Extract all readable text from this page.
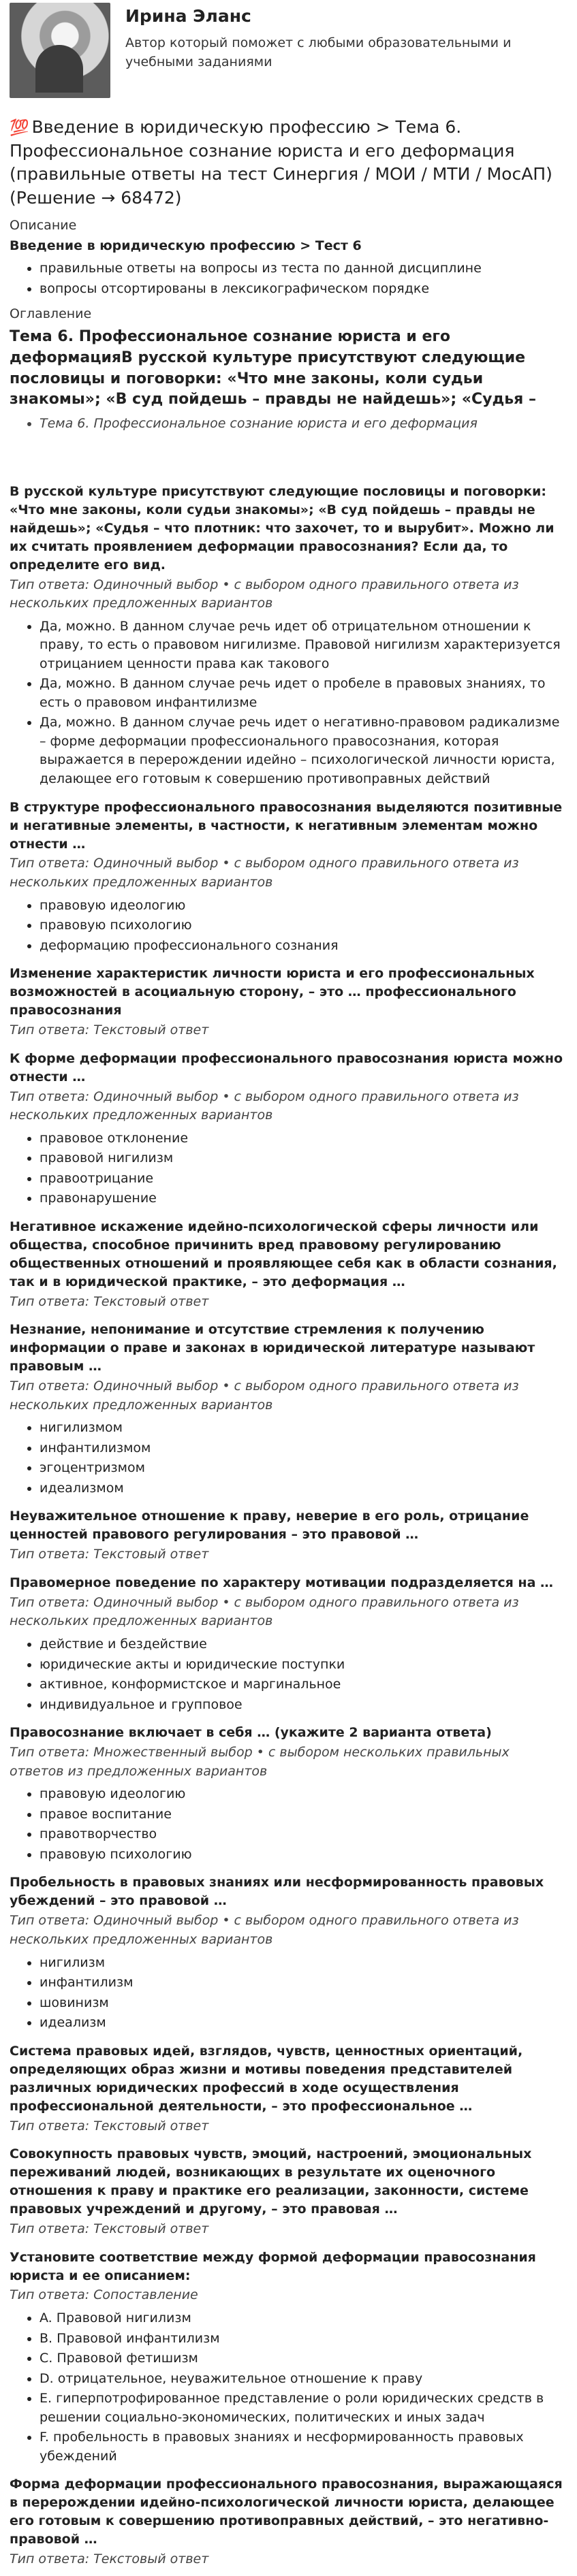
Ирина Эланс
Автор который поможет с любыми образовательными и учебными заданиями
💯 Введение в юридическую профессию > Тема 6. Профессиональное сознание юриста и его деформация (правильные ответы на тест Синергия / МОИ / МТИ / МосАП) (Решение → 68472)
Описание
Введение в юридическую профессию > Тест 6
• правильные ответы на вопросы из теста по данной дисциплине
• вопросы отсортированы в лексикографическом порядке
Оглавление
Тема 6. Профессиональное сознание юриста и его деформацияВ русской культуре присутствуют следующие пословицы и поговорки: «Что мне законы, коли судьи знакомы»; «В суд пойдешь – правды не найдешь»; «Судья –
• Тема 6. Профессиональное сознание юриста и его деформация
В русской культуре присутствуют следующие пословицы и поговорки: «Что мне законы, коли судьи знакомы»; «В суд пойдешь – правды не найдешь»; «Судья – что плотник: что захочет, то и вырубит». Можно ли их считать проявлением деформации правосознания? Если да, то определите его вид.
Тип ответа: Одиночный выбор • с выбором одного правильного ответа из нескольких предложенных вариантов
• Да, можно. В данном случае речь идет об отрицательном отношении к праву, то есть о правовом нигилизме. Правовой нигилизм характеризуется отрицанием ценности права как такового
• Да, можно. В данном случае речь идет о пробеле в правовых знаниях, то есть о правовом инфантилизме
• Да, можно. В данном случае речь идет о негативно-правовом радикализме – форме деформации профессионального правосознания, которая выражается в перерождении идейно – психологической личности юриста, делающее его готовым к совершению противоправных действий
В структуре профессионального правосознания выделяются позитивные и негативные элементы, в частности, к негативным элементам можно отнести …
Тип ответа: Одиночный выбор • с выбором одного правильного ответа из нескольких предложенных вариантов
• правовую идеологию
• правовую психологию
• деформацию профессионального сознания
Изменение характеристик личности юриста и его профессиональных возможностей в асоциальную сторону, – это … профессионального правосознания
Тип ответа: Текстовый ответ
К форме деформации профессионального правосознания юриста можно отнести …
Тип ответа: Одиночный выбор • с выбором одного правильного ответа из нескольких предложенных вариантов
• правовое отклонение
• правовой нигилизм
• правоотрицание
• правонарушение
Негативное искажение идейно-психологической сферы личности или общества, способное причинить вред правовому регулированию общественных отношений и проявляющее себя как в области сознания, так и в юридической практике, – это деформация …
Тип ответа: Текстовый ответ
Незнание, непонимание и отсутствие стремления к получению информации о праве и законах в юридической литературе называют правовым …
Тип ответа: Одиночный выбор • с выбором одного правильного ответа из нескольких предложенных вариантов
• нигилизмом
• инфантилизмом
• эгоцентризмом
• идеализмом
Неуважительное отношение к праву, неверие в его роль, отрицание ценностей правового регулирования – это правовой …
Тип ответа: Текстовый ответ
Правомерное поведение по характеру мотивации подразделяется на …
Тип ответа: Одиночный выбор • с выбором одного правильного ответа из нескольких предложенных вариантов
• действие и бездействие
• юридические акты и юридические поступки
• активное, конформистское и маргинальное
• индивидуальное и групповое
Правосознание включает в себя … (укажите 2 варианта ответа)
Тип ответа: Множественный выбор • с выбором нескольких правильных ответов из предложенных вариантов
• правовую идеологию
• правое воспитание
• правотворчество
• правовую психологию
Пробельность в правовых знаниях или несформированность правовых убеждений – это правовой …
Тип ответа: Одиночный выбор • с выбором одного правильного ответа из нескольких предложенных вариантов
• нигилизм
• инфантилизм
• шовинизм
• идеализм
Система правовых идей, взглядов, чувств, ценностных ориентаций, определяющих образ жизни и мотивы поведения представителей различных юридических профессий в ходе осуществления профессиональной деятельности, – это профессиональное …
Тип ответа: Текстовый ответ
Совокупность правовых чувств, эмоций, настроений, эмоциональных переживаний людей, возникающих в результате их оценочного отношения к праву и практике его реализации, законности, системе правовых учреждений и другому, – это правовая …
Тип ответа: Текстовый ответ
Установите соответствие между формой деформации правосознания юриста и ее описанием:
Тип ответа: Сопоставление
• A. Правовой нигилизм
• B. Правовой инфантилизм
• C. Правовой фетишизм
• D. отрицательное, неуважительное отношение к праву
• E. гиперпотрофированное представление о роли юридических средств в решении социально-экономических, политических и иных задач
• F. пробельность в правовых знаниях и несформированность правовых убеждений
Форма деформации профессионального правосознания, выражающаяся в перерождении идейно-психологической личности юриста, делающее его готовым к совершению противоправных действий, – это негативно-правовой …
Тип ответа: Текстовый ответ
